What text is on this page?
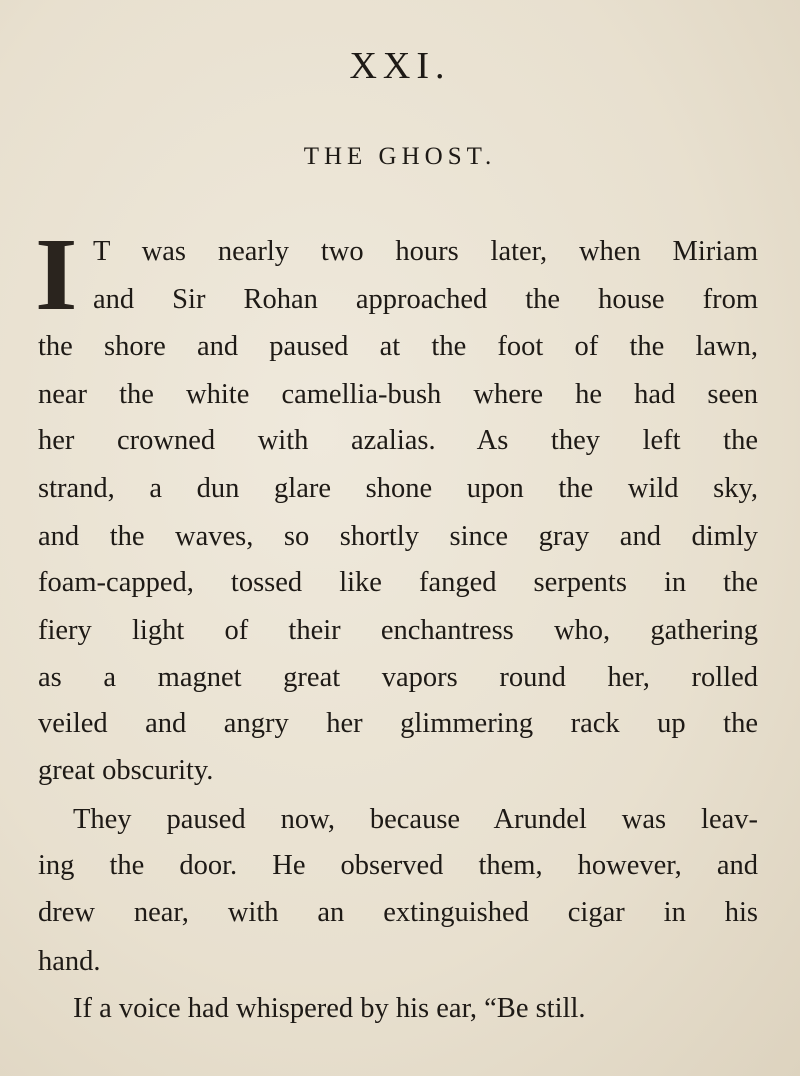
XXI.
THE GHOST.
I T was nearly two hours later, when Miriam
and Sir Rohan approached the house from
the shore and paused at the foot of the lawn,
near the white camellia-bush where he had seen
her crowned with azalias. As they left the
strand, a dun glare shone upon the wild sky,
and the waves, so shortly since gray and dimly
foam-capped, tossed like fanged serpents in the
fiery light of their enchantress who, gathering
as a magnet great vapors round her, rolled
veiled and angry her glimmering rack up the
great obscurity.
They paused now, because Arundel was leav-
ing the door. He observed them, however, and
drew near, with an extinguished cigar in his
hand.
If a voice had whispered by his ear, “Be still.
